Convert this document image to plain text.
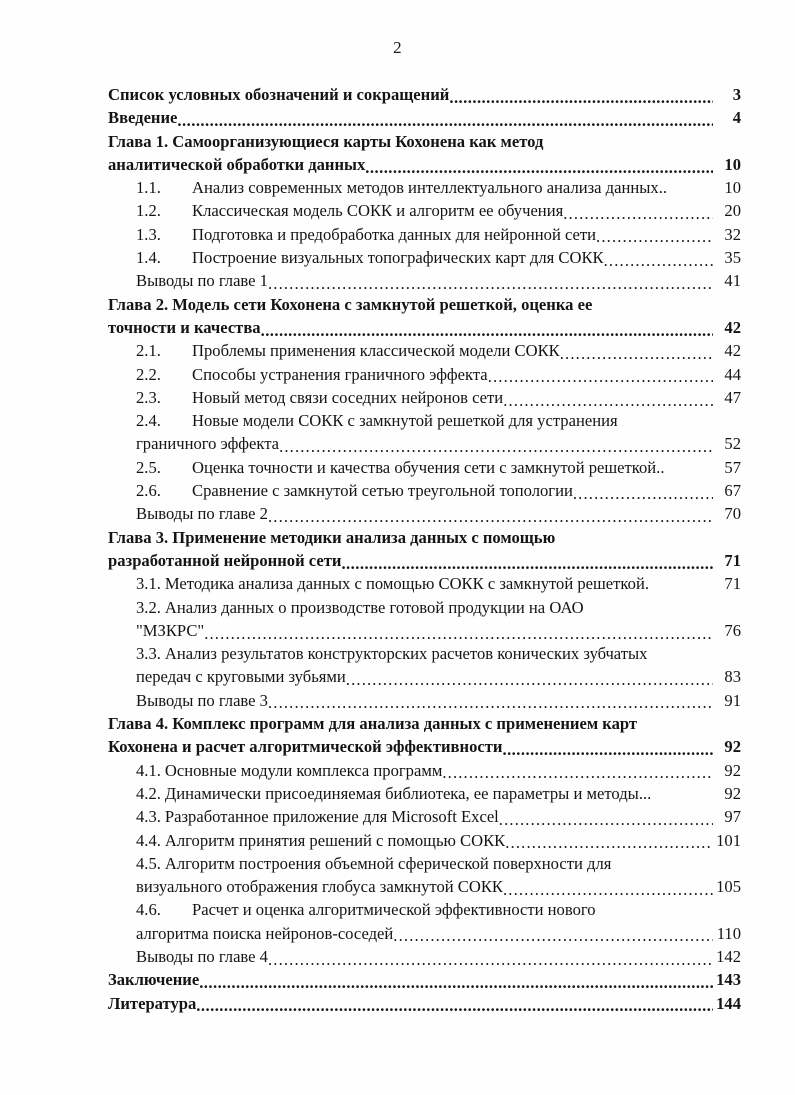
2
Список условных обозначений и сокращений .....	3
Введение .....	4
Глава 1. Самоорганизующиеся карты Кохонена как метод
аналитической обработки данных .....	10
1.1.	Анализ современных методов интеллектуального анализа данных..	10
1.2.	Классическая модель СОКК и алгоритм ее обучения .....	20
1.3.	Подготовка и предобработка данных для нейронной сети .....	32
1.4.	Построение визуальных топографических карт для СОКК .....	35
Выводы по главе 1 .....	41
Глава 2. Модель сети Кохонена с замкнутой решеткой, оценка ее
точности и качества .....	42
2.1.	Проблемы применения классической модели СОКК .....	42
2.2.	Способы устранения граничного эффекта .....	44
2.3.	Новый метод связи соседних нейронов сети .....	47
2.4. Новые модели СОКК с замкнутой решеткой для устранения
граничного эффекта .....	52
2.5.	Оценка точности и качества обучения сети с замкнутой решеткой..	57
2.6.	Сравнение с замкнутой сетью треугольной топологии .....	67
Выводы по главе 2 .....	70
Глава 3. Применение методики анализа данных с помощью
разработанной нейронной сети .....	71
3.1. Методика анализа данных с помощью СОКК с замкнутой решеткой.	71
3.2. Анализ данных о производстве готовой продукции на ОАО
"МЗКРС" .....	76
3.3. Анализ результатов конструкторских расчетов конических зубчатых
передач с круговыми зубьями .....	83
Выводы по главе 3 .....	91
Глава 4. Комплекс программ для анализа данных с применением карт
Кохонена и расчет алгоритмической эффективности .....	92
4.1. Основные модули комплекса программ .....	92
4.2. Динамически присоединяемая библиотека, ее параметры и методы...	92
4.3. Разработанное приложение для Microsoft Excel .....	97
4.4. Алгоритм принятия решений с помощью СОКК .....	101
4.5. Алгоритм построения объемной сферической поверхности для
визуального отображения глобуса замкнутой СОКК .....	105
4.6. Расчет и оценка алгоритмической эффективности нового
алгоритма поиска нейронов-соседей .....	110
Выводы по главе 4 .....	142
Заключение .....	143
Литература .....	144
